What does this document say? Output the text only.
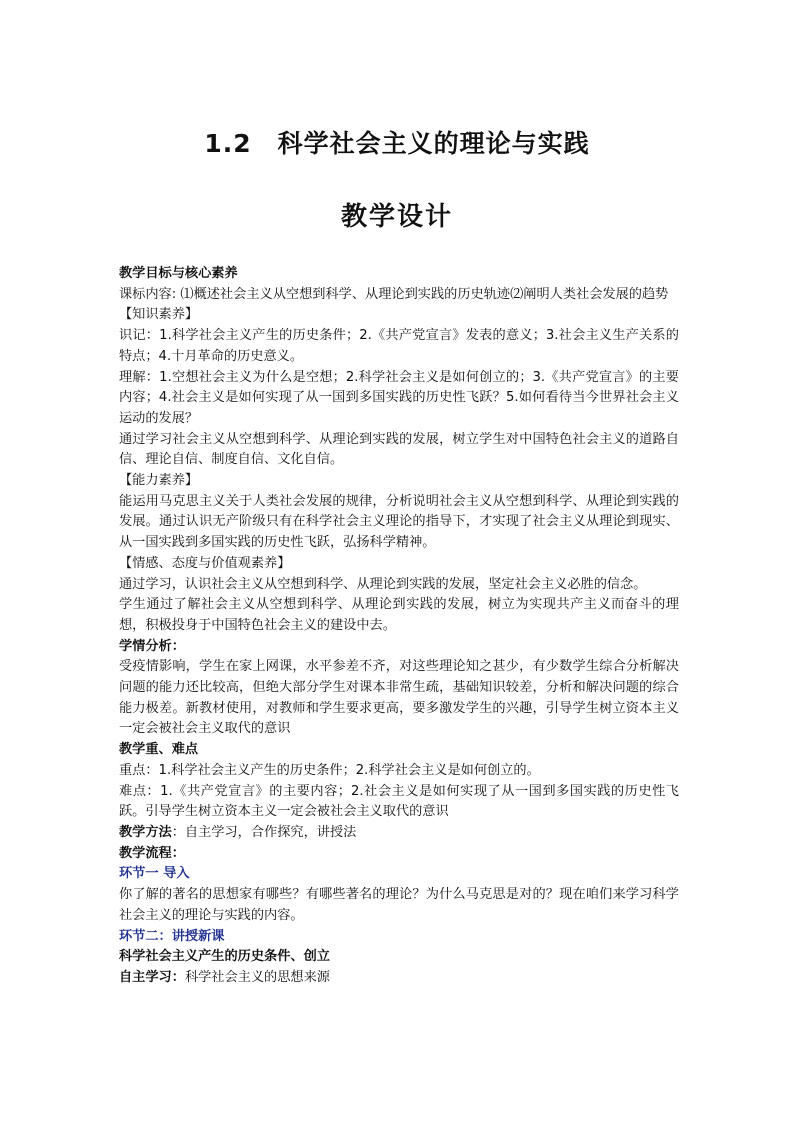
1.2　科学社会主义的理论与实践
教学设计

教学目标与核心素养

课标内容: ⑴概述社会主义从空想到科学、从理论到实践的历史轨迹⑵阐明人类社会发展的趋势

【知识素养】

识记：1.科学社会主义产生的历史条件；2.《共产党宣言》发表的意义；3.社会主义生产关系的特点；4.十月革命的历史意义。

理解：1.空想社会主义为什么是空想；2.科学社会主义是如何创立的；3.《共产党宣言》的主要内容；4.社会主义是如何实现了从一国到多国实践的历史性飞跃？5.如何看待当今世界社会主义运动的发展？

通过学习社会主义从空想到科学、从理论到实践的发展，树立学生对中国特色社会主义的道路自信、理论自信、制度自信、文化自信。

【能力素养】

能运用马克思主义关于人类社会发展的规律，分析说明社会主义从空想到科学、从理论到实践的发展。通过认识无产阶级只有在科学社会主义理论的指导下，才实现了社会主义从理论到现实、从一国实践到多国实践的历史性飞跃，弘扬科学精神。

【情感、态度与价值观素养】

通过学习，认识社会主义从空想到科学、从理论到实践的发展，坚定社会主义必胜的信念。

学生通过了解社会主义从空想到科学、从理论到实践的发展，树立为实现共产主义而奋斗的理想，积极投身于中国特色社会主义的建设中去。

学情分析：

受疫情影响，学生在家上网课，水平参差不齐，对这些理论知之甚少，有少数学生综合分析解决问题的能力还比较高，但绝大部分学生对课本非常生疏，基础知识较差，分析和解决问题的综合能力极差。新教材使用，对教师和学生要求更高，要多激发学生的兴趣，引导学生树立资本主义一定会被社会主义取代的意识

教学重、难点

重点：1.科学社会主义产生的历史条件；2.科学社会主义是如何创立的。

难点：1.《共产党宣言》的主要内容；2.社会主义是如何实现了从一国到多国实践的历史性飞跃。引导学生树立资本主义一定会被社会主义取代的意识

教学方法：自主学习，合作探究，讲授法

教学流程：

环节一 导入

你了解的著名的思想家有哪些？有哪些著名的理论？为什么马克思是对的？现在咱们来学习科学社会主义的理论与实践的内容。

环节二：讲授新课

科学社会主义产生的历史条件、创立

自主学习：科学社会主义的思想来源
